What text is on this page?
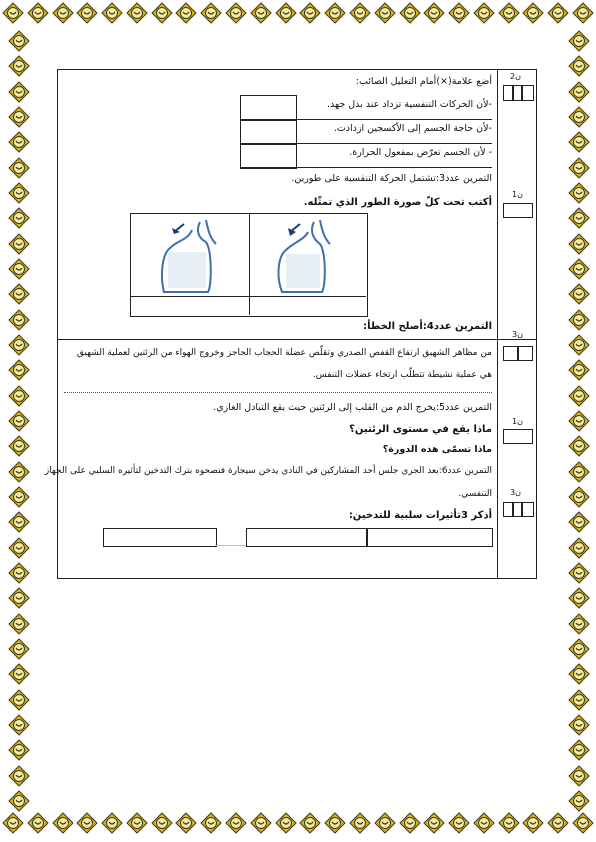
2ن
1ن
3ن
1ن
3ن
أضع علامة(×)أمام التعليل الصائب:
-لأن الحركات التنفسية تزداد عند بذل جهد.
-لأن حاجة الجسم إلى الأكسجين ازدادت.
- لأن الجسم تعرّض بمفعول الحرارة.
التمرين عدد3:تشتمل الحركة التنفسية على طورين.
أكتب تحت كلّ صورة الطور الذي تمثّله.
التمرين عدد4:أصلح الخطأ:
من مظاهر الشهيق ارتفاع القفص الصدري وتقلّص عضلة الحجاب الحاجز وخروج الهواء من الرئتين لعملية الشهيق
هي عملية نشيطة تتطلّب ارتخاء عضلات التنفس.
التمرين عدد5:يخرج الدم من القلب إلى الرئتين حيث يقع التبادل الغازي.
ماذا يقع في مستوى الرئتين؟
ماذا تسمّى هذه الدورة؟
التمرين عدد6:بعد الجري جلس أحد المشاركين في النادي يدخن سيجارة فنصحوه بترك التدخين لتأثيره السلبي على الجهاز
التنفسي.
أذكر 3تأثيرات سلبية للتدخين:
